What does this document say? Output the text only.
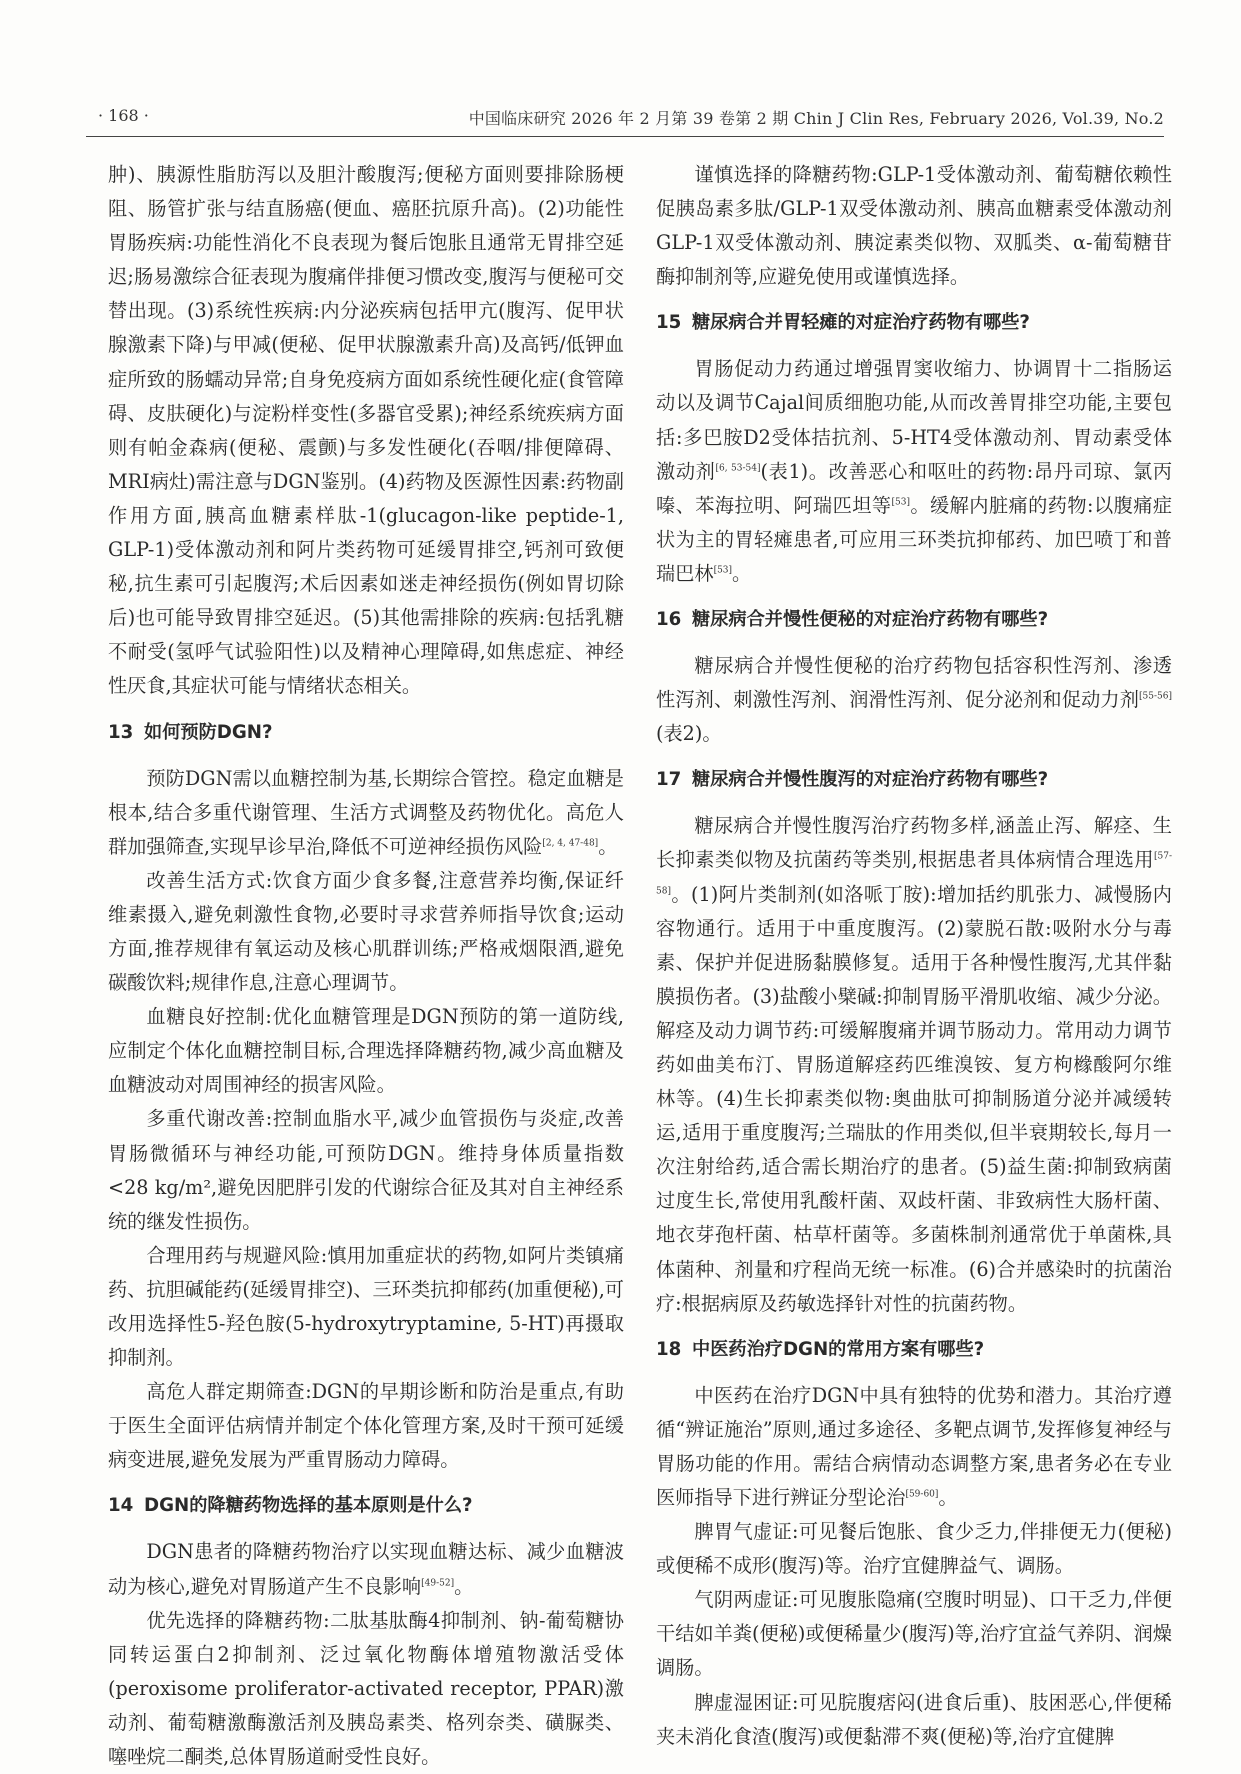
· 168 ·	中国临床研究 2026 年 2 月第 39 卷第 2 期 Chin J Clin Res, February 2026, Vol.39, No.2

肿)、胰源性脂肪泻以及胆汁酸腹泻;便秘方面则要排除肠梗阻、肠管扩张与结直肠癌(便血、癌胚抗原升高)。(2)功能性胃肠疾病:功能性消化不良表现为餐后饱胀且通常无胃排空延迟;肠易激综合征表现为腹痛伴排便习惯改变,腹泻与便秘可交替出现。(3)系统性疾病:内分泌疾病包括甲亢(腹泻、促甲状腺激素下降)与甲减(便秘、促甲状腺激素升高)及高钙/低钾血症所致的肠蠕动异常;自身免疫病方面如系统性硬化症(食管障碍、皮肤硬化)与淀粉样变性(多器官受累);神经系统疾病方面则有帕金森病(便秘、震颤)与多发性硬化(吞咽/排便障碍、MRI病灶)需注意与DGN鉴别。(4)药物及医源性因素:药物副作用方面,胰高血糖素样肽-1(glucagon-like peptide-1, GLP-1)受体激动剂和阿片类药物可延缓胃排空,钙剂可致便秘,抗生素可引起腹泻;术后因素如迷走神经损伤(例如胃切除后)也可能导致胃排空延迟。(5)其他需排除的疾病:包括乳糖不耐受(氢呼气试验阳性)以及精神心理障碍,如焦虑症、神经性厌食,其症状可能与情绪状态相关。

13 如何预防DGN?

预防DGN需以血糖控制为基,长期综合管控。稳定血糖是根本,结合多重代谢管理、生活方式调整及药物优化。高危人群加强筛查,实现早诊早治,降低不可逆神经损伤风险[2, 4, 47-48]。

改善生活方式:饮食方面少食多餐,注意营养均衡,保证纤维素摄入,避免刺激性食物,必要时寻求营养师指导饮食;运动方面,推荐规律有氧运动及核心肌群训练;严格戒烟限酒,避免碳酸饮料;规律作息,注意心理调节。

血糖良好控制:优化血糖管理是DGN预防的第一道防线,应制定个体化血糖控制目标,合理选择降糖药物,减少高血糖及血糖波动对周围神经的损害风险。

多重代谢改善:控制血脂水平,减少血管损伤与炎症,改善胃肠微循环与神经功能,可预防DGN。维持身体质量指数<28 kg/m²,避免因肥胖引发的代谢综合征及其对自主神经系统的继发性损伤。

合理用药与规避风险:慎用加重症状的药物,如阿片类镇痛药、抗胆碱能药(延缓胃排空)、三环类抗抑郁药(加重便秘),可改用选择性5-羟色胺(5-hydroxytryptamine, 5-HT)再摄取抑制剂。

高危人群定期筛查:DGN的早期诊断和防治是重点,有助于医生全面评估病情并制定个体化管理方案,及时干预可延缓病变进展,避免发展为严重胃肠动力障碍。

14 DGN的降糖药物选择的基本原则是什么?

DGN患者的降糖药物治疗以实现血糖达标、减少血糖波动为核心,避免对胃肠道产生不良影响[49-52]。

优先选择的降糖药物:二肽基肽酶4抑制剂、钠-葡萄糖协同转运蛋白2抑制剂、泛过氧化物酶体增殖物激活受体(peroxisome proliferator-activated receptor, PPAR)激动剂、葡萄糖激酶激活剂及胰岛素类、格列奈类、磺脲类、噻唑烷二酮类,总体胃肠道耐受性良好。

谨慎选择的降糖药物:GLP-1受体激动剂、葡萄糖依赖性促胰岛素多肽/GLP-1双受体激动剂、胰高血糖素受体激动剂GLP-1双受体激动剂、胰淀素类似物、双胍类、α-葡萄糖苷酶抑制剂等,应避免使用或谨慎选择。

15 糖尿病合并胃轻瘫的对症治疗药物有哪些?

胃肠促动力药通过增强胃窦收缩力、协调胃十二指肠运动以及调节Cajal间质细胞功能,从而改善胃排空功能,主要包括:多巴胺D2受体拮抗剂、5-HT4受体激动剂、胃动素受体激动剂[6, 53-54](表1)。改善恶心和呕吐的药物:昂丹司琼、氯丙嗪、苯海拉明、阿瑞匹坦等[53]。缓解内脏痛的药物:以腹痛症状为主的胃轻瘫患者,可应用三环类抗抑郁药、加巴喷丁和普瑞巴林[53]。

16 糖尿病合并慢性便秘的对症治疗药物有哪些?

糖尿病合并慢性便秘的治疗药物包括容积性泻剂、渗透性泻剂、刺激性泻剂、润滑性泻剂、促分泌剂和促动力剂[55-56](表2)。

17 糖尿病合并慢性腹泻的对症治疗药物有哪些?

糖尿病合并慢性腹泻治疗药物多样,涵盖止泻、解痉、生长抑素类似物及抗菌药等类别,根据患者具体病情合理选用[57-58]。(1)阿片类制剂(如洛哌丁胺):增加括约肌张力、减慢肠内容物通行。适用于中重度腹泻。(2)蒙脱石散:吸附水分与毒素、保护并促进肠黏膜修复。适用于各种慢性腹泻,尤其伴黏膜损伤者。(3)盐酸小檗碱:抑制胃肠平滑肌收缩、减少分泌。解痉及动力调节药:可缓解腹痛并调节肠动力。常用动力调节药如曲美布汀、胃肠道解痉药匹维溴铵、复方枸橼酸阿尔维林等。(4)生长抑素类似物:奥曲肽可抑制肠道分泌并减缓转运,适用于重度腹泻;兰瑞肽的作用类似,但半衰期较长,每月一次注射给药,适合需长期治疗的患者。(5)益生菌:抑制致病菌过度生长,常使用乳酸杆菌、双歧杆菌、非致病性大肠杆菌、地衣芽孢杆菌、枯草杆菌等。多菌株制剂通常优于单菌株,具体菌种、剂量和疗程尚无统一标准。(6)合并感染时的抗菌治疗:根据病原及药敏选择针对性的抗菌药物。

18 中医药治疗DGN的常用方案有哪些?

中医药在治疗DGN中具有独特的优势和潜力。其治疗遵循“辨证施治”原则,通过多途径、多靶点调节,发挥修复神经与胃肠功能的作用。需结合病情动态调整方案,患者务必在专业医师指导下进行辨证分型论治[59-60]。

脾胃气虚证:可见餐后饱胀、食少乏力,伴排便无力(便秘)或便稀不成形(腹泻)等。治疗宜健脾益气、调肠。

气阴两虚证:可见腹胀隐痛(空腹时明显)、口干乏力,伴便干结如羊粪(便秘)或便稀量少(腹泻)等,治疗宜益气养阴、润燥调肠。

脾虚湿困证:可见脘腹痞闷(进食后重)、肢困恶心,伴便稀夹未消化食渣(腹泻)或便黏滞不爽(便秘)等,治疗宜健脾
